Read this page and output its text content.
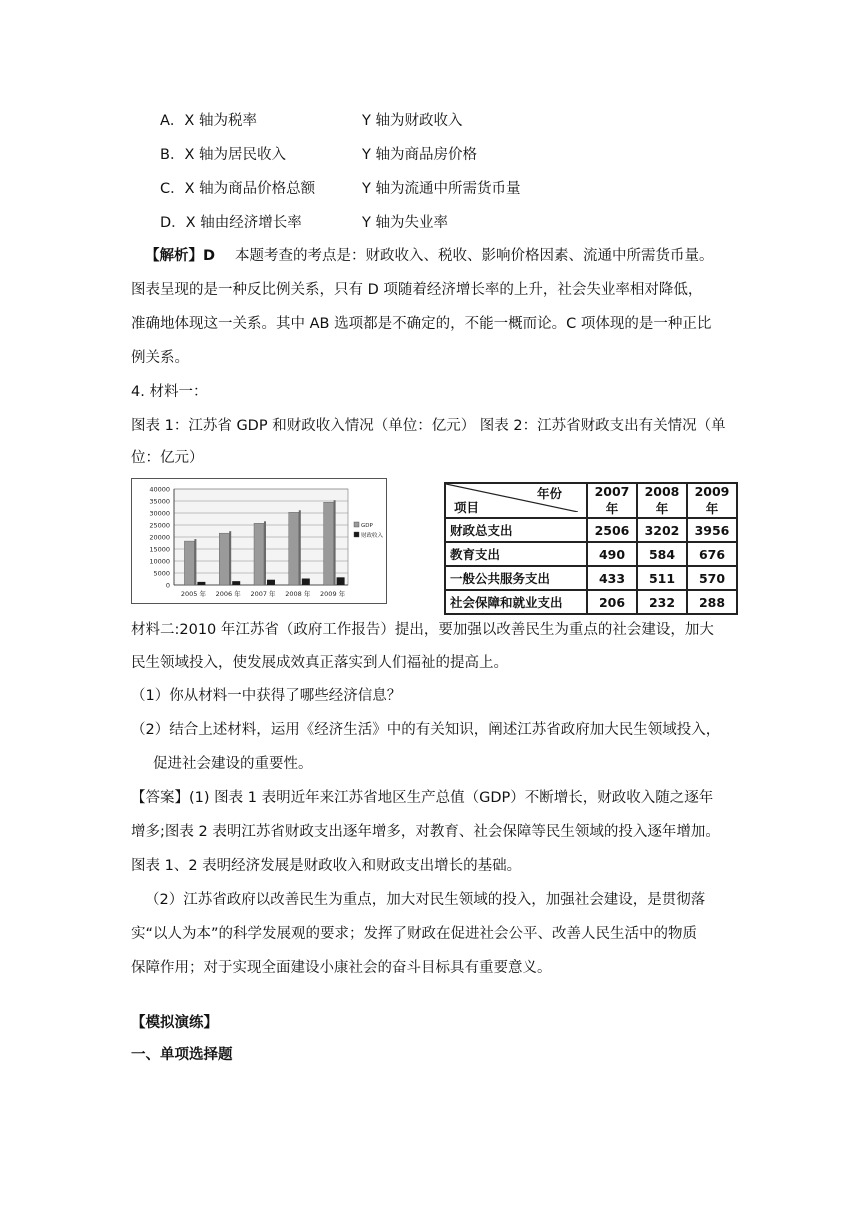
A．X 轴为税率	Y 轴为财政收入
B．X 轴为居民收入	Y 轴为商品房价格
C．X 轴为商品价格总额	Y 轴为流通中所需货币量
D．X 轴由经济增长率	Y 轴为失业率
【解析】D 本题考查的考点是：财政收入、税收、影响价格因素、流通中所需货币量。
图表呈现的是一种反比例关系，只有 D 项随着经济增长率的上升，社会失业率相对降低，
准确地体现这一关系。其中 AB 选项都是不确定的，不能一概而论。C 项体现的是一种正比
例关系。
4. 材料一：
图表 1：江苏省 GDP 和财政收入情况（单位：亿元） 图表 2：江苏省财政支出有关情况（单
位：亿元）
0
5000
10000
15000
20000
25000
30000
35000
40000
2005 年 2006 年 2007 年 2008 年 2009 年
GDP
财政收入
年份
项目	2007 年	2008 年	2009 年
财政总支出	2506	3202	3956
教育支出	490	584	676
一般公共服务支出	433	511	570
社会保障和就业支出	206	232	288
材料二:2010 年江苏省（政府工作报告）提出，要加强以改善民生为重点的社会建设，加大
民生领域投入，使发展成效真正落实到人们福祉的提高上。
（1）你从材料一中获得了哪些经济信息？
（2）结合上述材料，运用《经济生活》中的有关知识，阐述江苏省政府加大民生领域投入，
促进社会建设的重要性。
【答案】(1) 图表 1 表明近年来江苏省地区生产总值（GDP）不断增长，财政收入随之逐年
增多;图表 2 表明江苏省财政支出逐年增多，对教育、社会保障等民生领域的投入逐年增加。
图表 1、2 表明经济发展是财政收入和财政支出增长的基础。
（2）江苏省政府以改善民生为重点，加大对民生领域的投入，加强社会建设，是贯彻落
实“以人为本”的科学发展观的要求；发挥了财政在促进社会公平、改善人民生活中的物质
保障作用；对于实现全面建设小康社会的奋斗目标具有重要意义。
【模拟演练】
一、单项选择题
